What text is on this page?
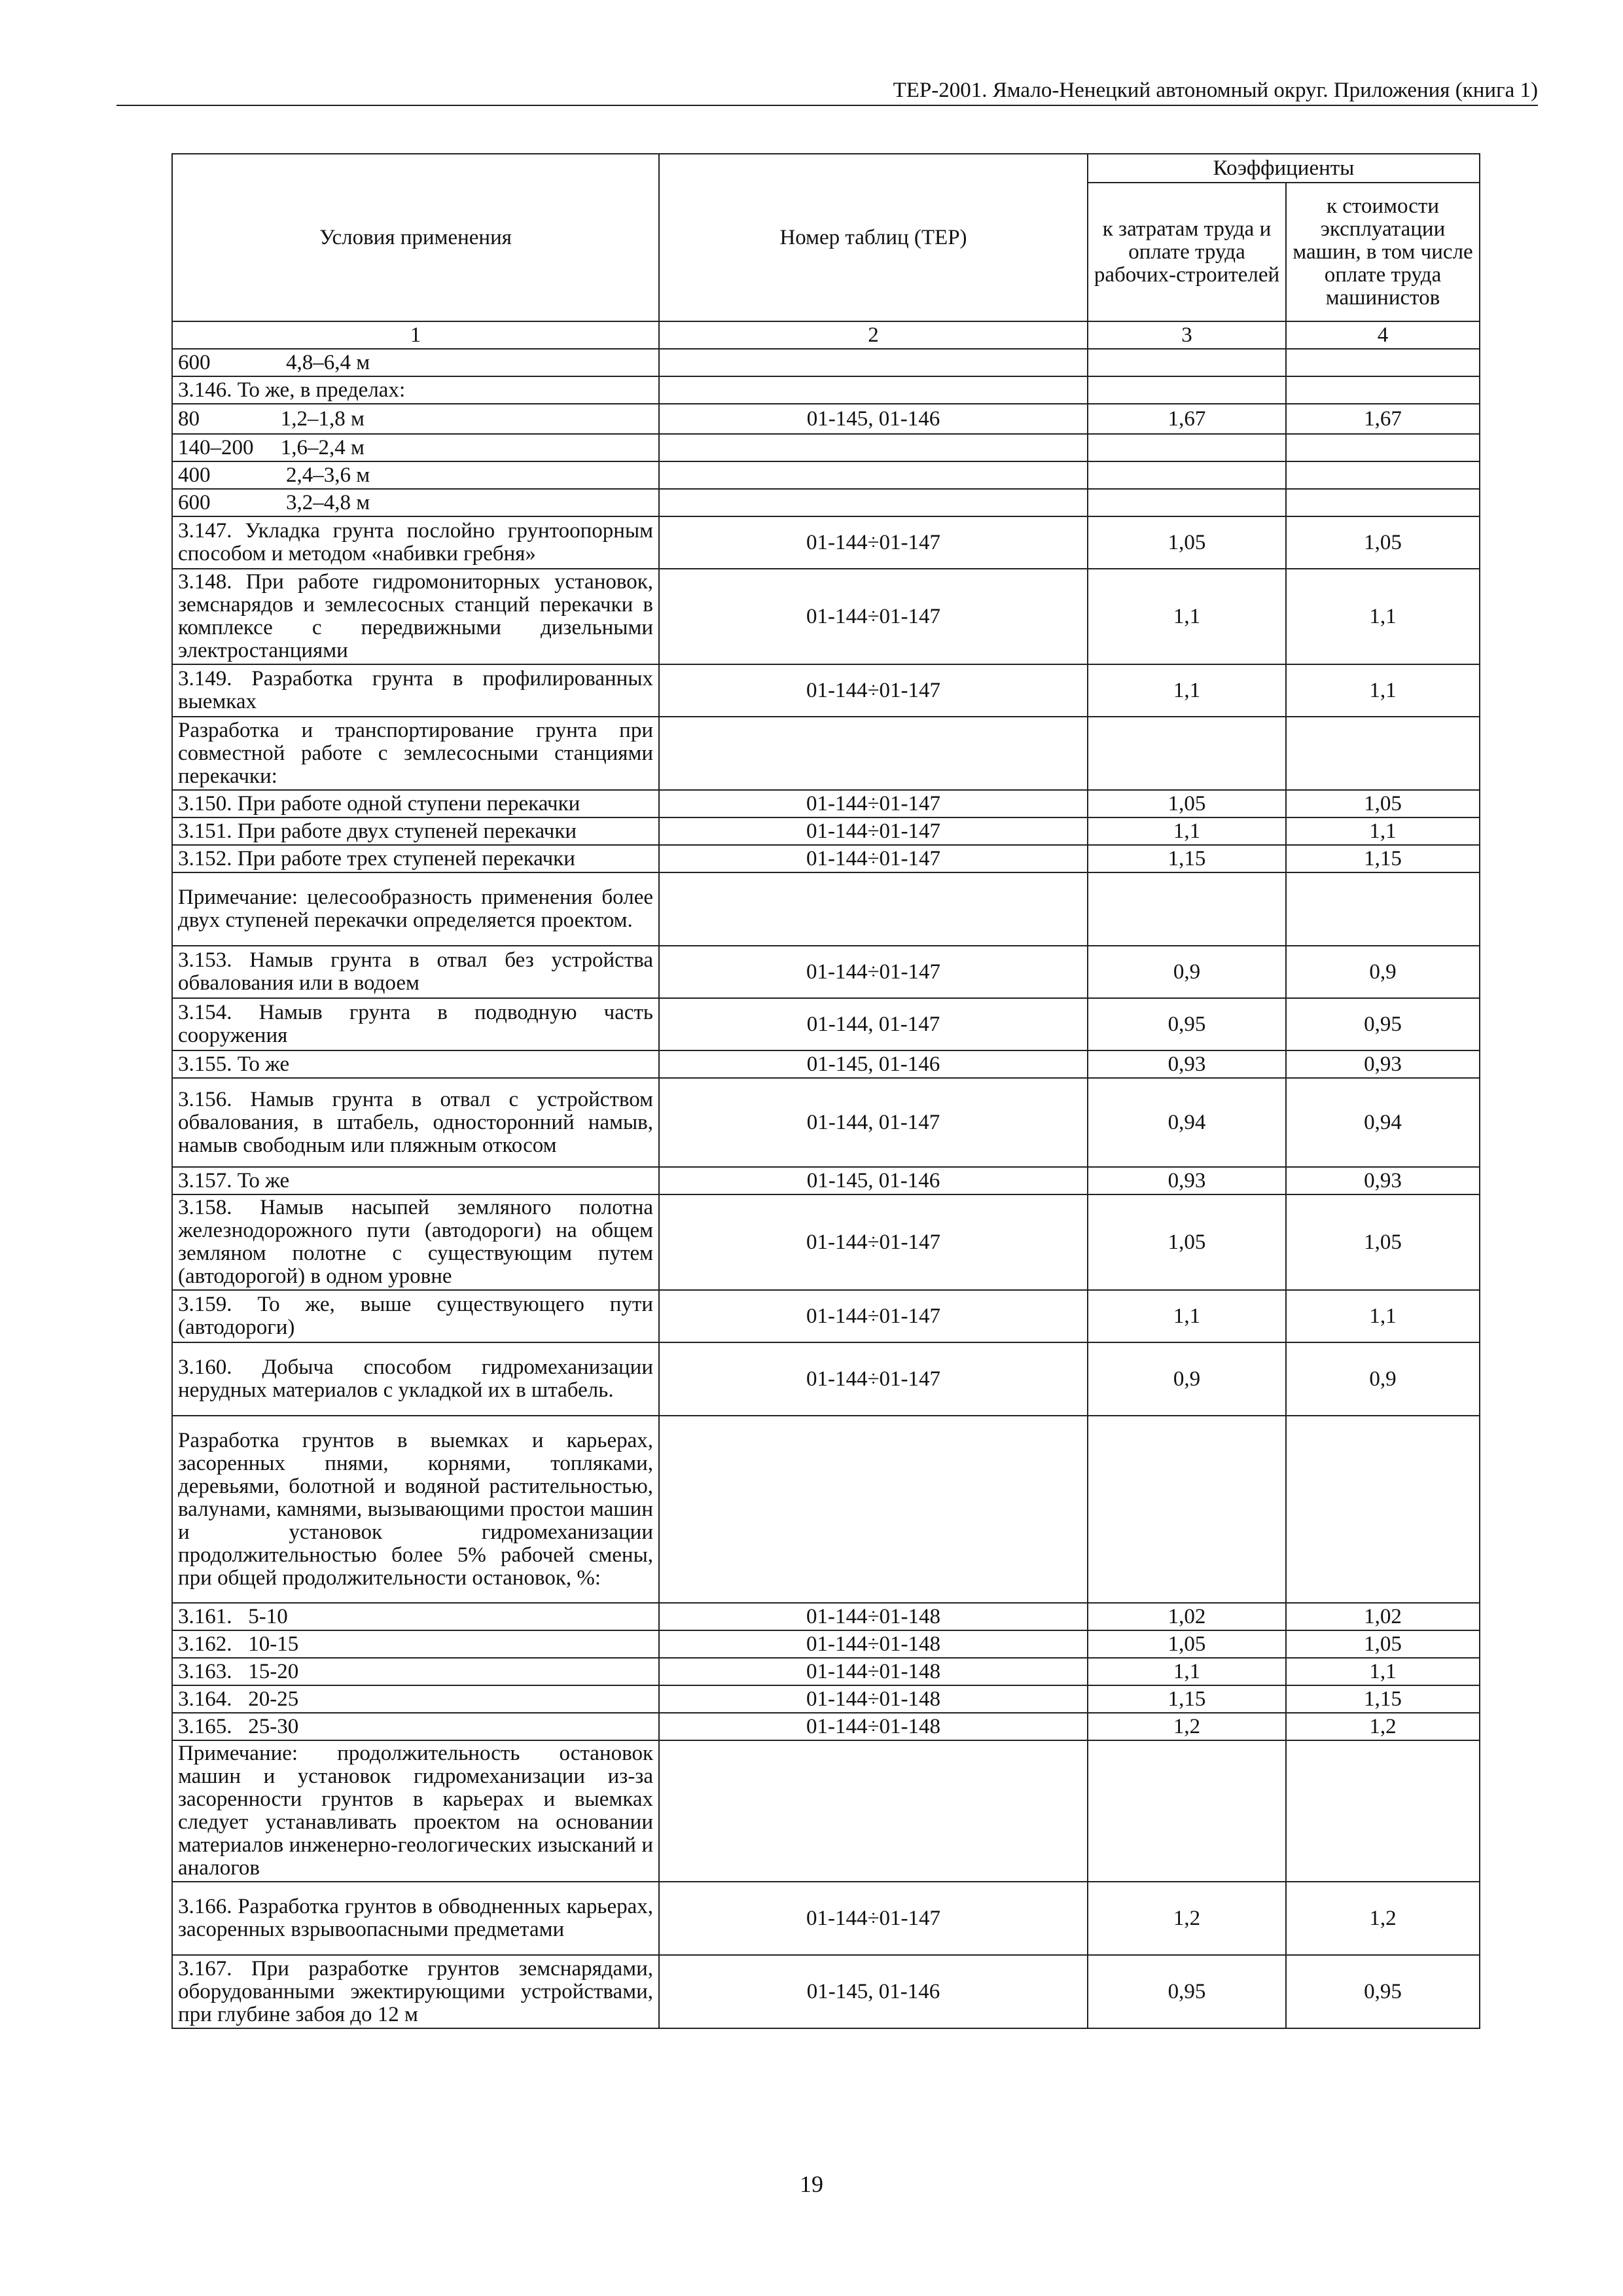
ТЕР-2001. Ямало-Ненецкий автономный округ. Приложения (книга 1)
Условия применения	Номер таблиц (ТЕР)	Коэффициенты	
		к затратам труда и оплате труда рабочих-строителей	к стоимости эксплуатации машин, в том числе оплате труда машинистов
1	2	3	4
600              4,8–6,4 м			
3.146. То же, в пределах:			
80               1,2–1,8 м	01-145, 01-146	1,67	1,67
140–200     1,6–2,4 м			
400              2,4–3,6 м			
600              3,2–4,8 м			
3.147. Укладка грунта послойно грунтоопорным способом и методом «набивки гребня»	01-144÷01-147	1,05	1,05
3.148. При работе гидромониторных установок, земснарядов и землесосных станций перекачки в комплексе с передвижными дизельными электростанциями	01-144÷01-147	1,1	1,1
3.149. Разработка грунта в профилированных выемках	01-144÷01-147	1,1	1,1
Разработка и транспортирование грунта при совместной работе с землесосными станциями перекачки:			
3.150. При работе одной ступени перекачки	01-144÷01-147	1,05	1,05
3.151. При работе двух ступеней перекачки	01-144÷01-147	1,1	1,1
3.152. При работе трех ступеней перекачки	01-144÷01-147	1,15	1,15
Примечание: целесообразность применения более двух ступеней перекачки определяется проектом.			
3.153. Намыв грунта в отвал без устройства обвалования или в водоем	01-144÷01-147	0,9	0,9
3.154. Намыв грунта в подводную часть сооружения	01-144, 01-147	0,95	0,95
3.155. То же	01-145, 01-146	0,93	0,93
3.156. Намыв грунта в отвал с устройством обвалования, в штабель, односторонний намыв, намыв свободным или пляжным откосом	01-144, 01-147	0,94	0,94
3.157. То же	01-145, 01-146	0,93	0,93
3.158. Намыв насыпей земляного полотна железнодорожного пути (автодороги) на общем земляном полотне с существующим путем (автодорогой) в одном уровне	01-144÷01-147	1,05	1,05
3.159. То же, выше существующего пути (автодороги)	01-144÷01-147	1,1	1,1
3.160. Добыча способом гидромеханизации нерудных материалов с укладкой их в штабель.	01-144÷01-147	0,9	0,9
Разработка грунтов в выемках и карьерах, засоренных пнями, корнями, топляками, деревьями, болотной и водяной растительностью, валунами, камнями, вызывающими простои машин и установок гидромеханизации продолжительностью более 5% рабочей смены, при общей продолжительности остановок, %:			
3.161.   5-10	01-144÷01-148	1,02	1,02
3.162.   10-15	01-144÷01-148	1,05	1,05
3.163.   15-20	01-144÷01-148	1,1	1,1
3.164.   20-25	01-144÷01-148	1,15	1,15
3.165.   25-30	01-144÷01-148	1,2	1,2
Примечание: продолжительность остановок машин и установок гидромеханизации из-за засоренности грунтов в карьерах и выемках следует устанавливать проектом на основании материалов инженерно-геологических изысканий и аналогов			
3.166. Разработка грунтов в обводненных карьерах, засоренных взрывоопасными предметами	01-144÷01-147	1,2	1,2
3.167. При разработке грунтов земснарядами, оборудованными эжектирующими устройствами, при глубине забоя до 12 м	01-145, 01-146	0,95	0,95
19
